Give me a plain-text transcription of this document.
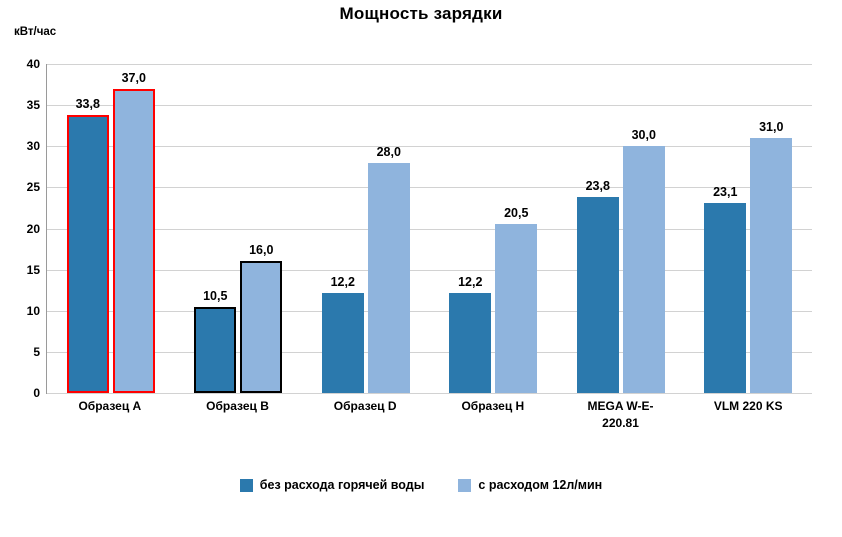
Мощность зарядки
кВт/час
0
5
10
15
20
25
30
35
40
33,8
37,0
10,5
16,0
12,2
28,0
12,2
20,5
23,8
30,0
23,1
31,0
Образец A	Образец B	Образец D	Образец H	MEGA W-E-
220.81
VLM 220 KS
без расхода горячей воды	с расходом 12л/мин
